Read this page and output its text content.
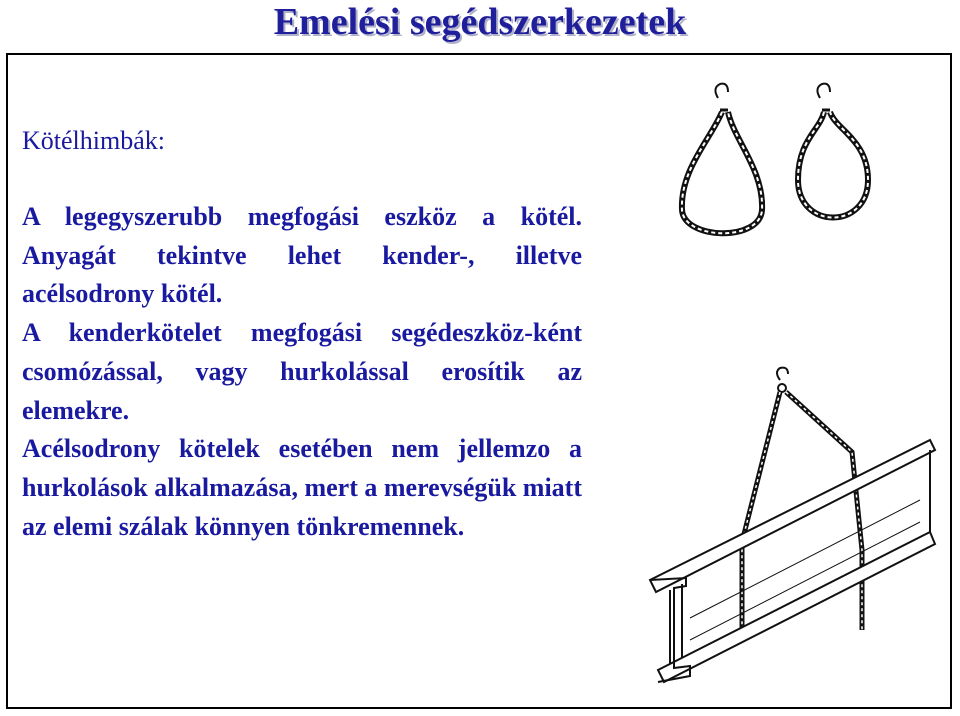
Emelési segédszerkezetek
Kötélhimbák:

A legegyszerubb megfogási eszköz a kötél. Anyagát tekintve lehet kender-, illetve acélsodrony kötél.

A kenderkötelet megfogási segédeszköz-ként csomózással, vagy hurkolással erosítik az elemekre.

Acélsodrony kötelek esetében nem jellemzo a hurkolások alkalmazása, mert a merevségük miatt az elemi szálak könnyen tönkremennek.
